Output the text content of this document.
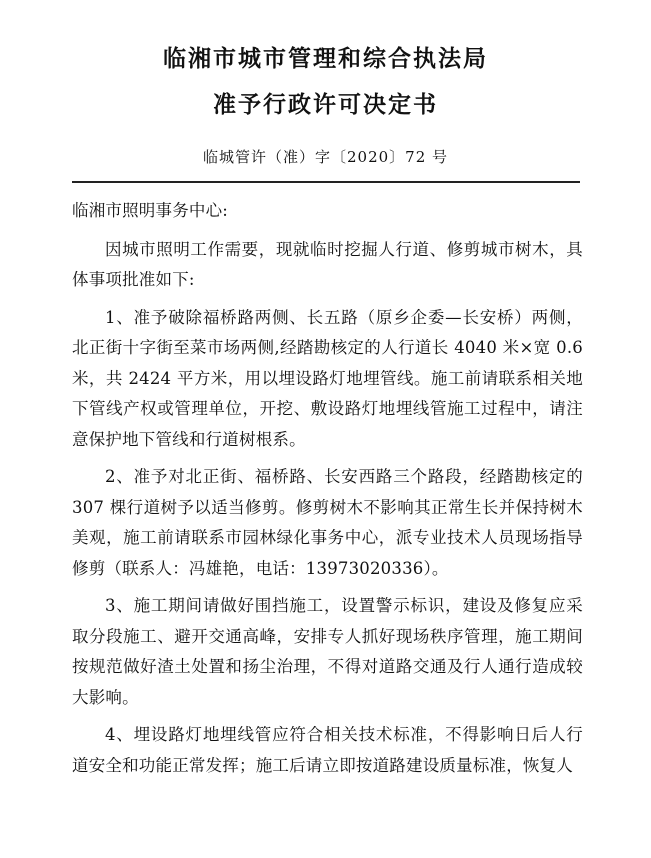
临湘市城市管理和综合执法局
准予行政许可决定书
临城管许（准）字〔2020〕72 号

临湘市照明事务中心:

因城市照明工作需要，现就临时挖掘人行道、修剪城市树木，具体事项批准如下:

1、准予破除福桥路两侧、长五路（原乡企委—长安桥）两侧，北正街十字街至菜市场两侧,经踏勘核定的人行道长 4040 米×宽 0.6 米，共 2424 平方米，用以埋设路灯地埋管线。施工前请联系相关地下管线产权或管理单位，开挖、敷设路灯地埋线管施工过程中，请注意保护地下管线和行道树根系。

2、准予对北正街、福桥路、长安西路三个路段，经踏勘核定的 307 棵行道树予以适当修剪。修剪树木不影响其正常生长并保持树木美观，施工前请联系市园林绿化事务中心，派专业技术人员现场指导修剪（联系人：冯雄艳，电话：13973020336）。

3、施工期间请做好围挡施工，设置警示标识，建设及修复应采取分段施工、避开交通高峰，安排专人抓好现场秩序管理，施工期间按规范做好渣土处置和扬尘治理，不得对道路交通及行人通行造成较大影响。

4、埋设路灯地埋线管应符合相关技术标准，不得影响日后人行道安全和功能正常发挥；施工后请立即按道路建设质量标准，恢复人
